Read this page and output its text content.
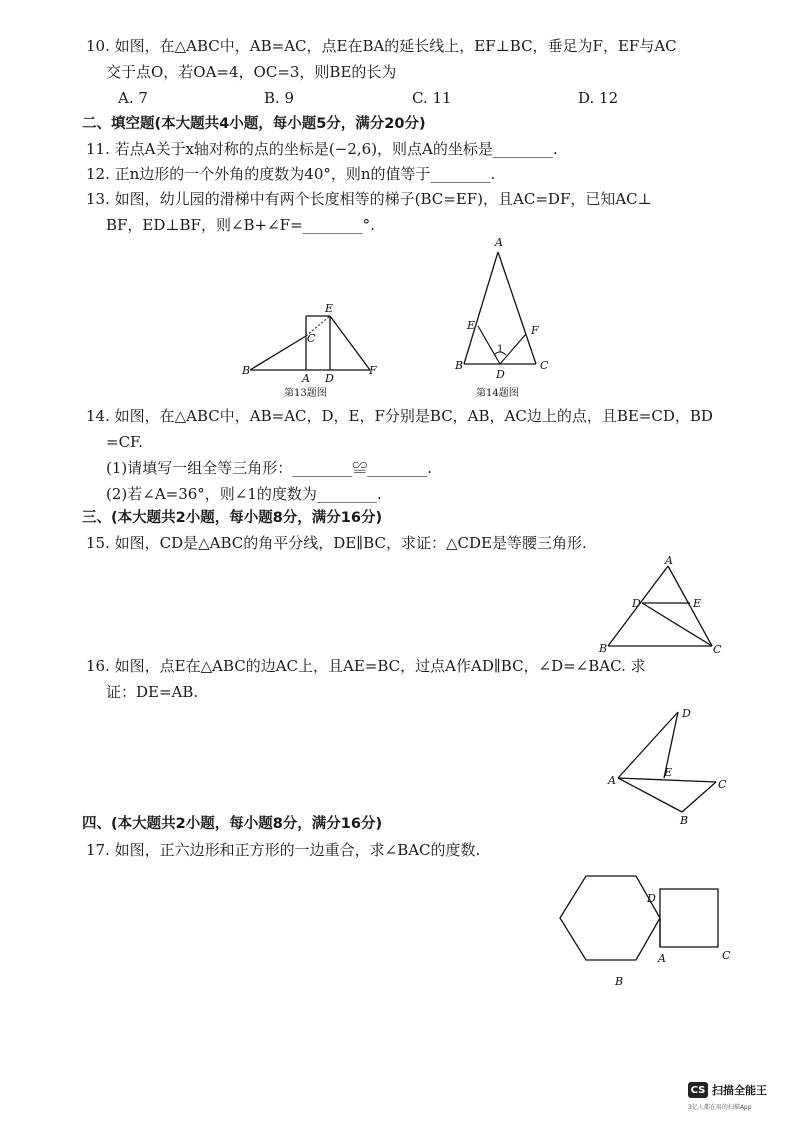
10. 如图，在△ABC中，AB=AC，点E在BA的延长线上，EF⊥BC，垂足为F，EF与AC
交于点O，若OA=4，OC=3，则BE的长为
A. 7	B. 9	C. 11	D. 12
二、填空题(本大题共4小题，每小题5分，满分20分)
11. 若点A关于x轴对称的点的坐标是(−2,6)，则点A的坐标是________.
12. 正n边形的一个外角的度数为40°，则n的值等于________.
13. 如图，幼儿园的滑梯中有两个长度相等的梯子(BC=EF)，且AC=DF，已知AC⊥
BF，ED⊥BF，则∠B+∠F=________°.
B
A D
C
E
F
第13题图
A
B	C
D
E	F
1
第14题图
14. 如图，在△ABC中，AB=AC，D，E，F分别是BC，AB，AC边上的点，且BE=CD，BD
=CF.
(1)请填写一组全等三角形：________≌________.
(2)若∠A=36°，则∠1的度数为________.
三、(本大题共2小题，每小题8分，满分16分)
15. 如图，CD是△ABC的角平分线，DE∥BC，求证：△CDE是等腰三角形.
A
D	E
B	C
16. 如图，点E在△ABC的边AC上，且AE=BC，过点A作AD∥BC，∠D=∠BAC. 求
证：DE=AB.
D
A
E
C
B
四、(本大题共2小题，每小题8分，满分16分)
17. 如图，正六边形和正方形的一边重合，求∠BAC的度数.
D
A
B
C
CS 扫描全能王
3亿人都在用的扫描App
